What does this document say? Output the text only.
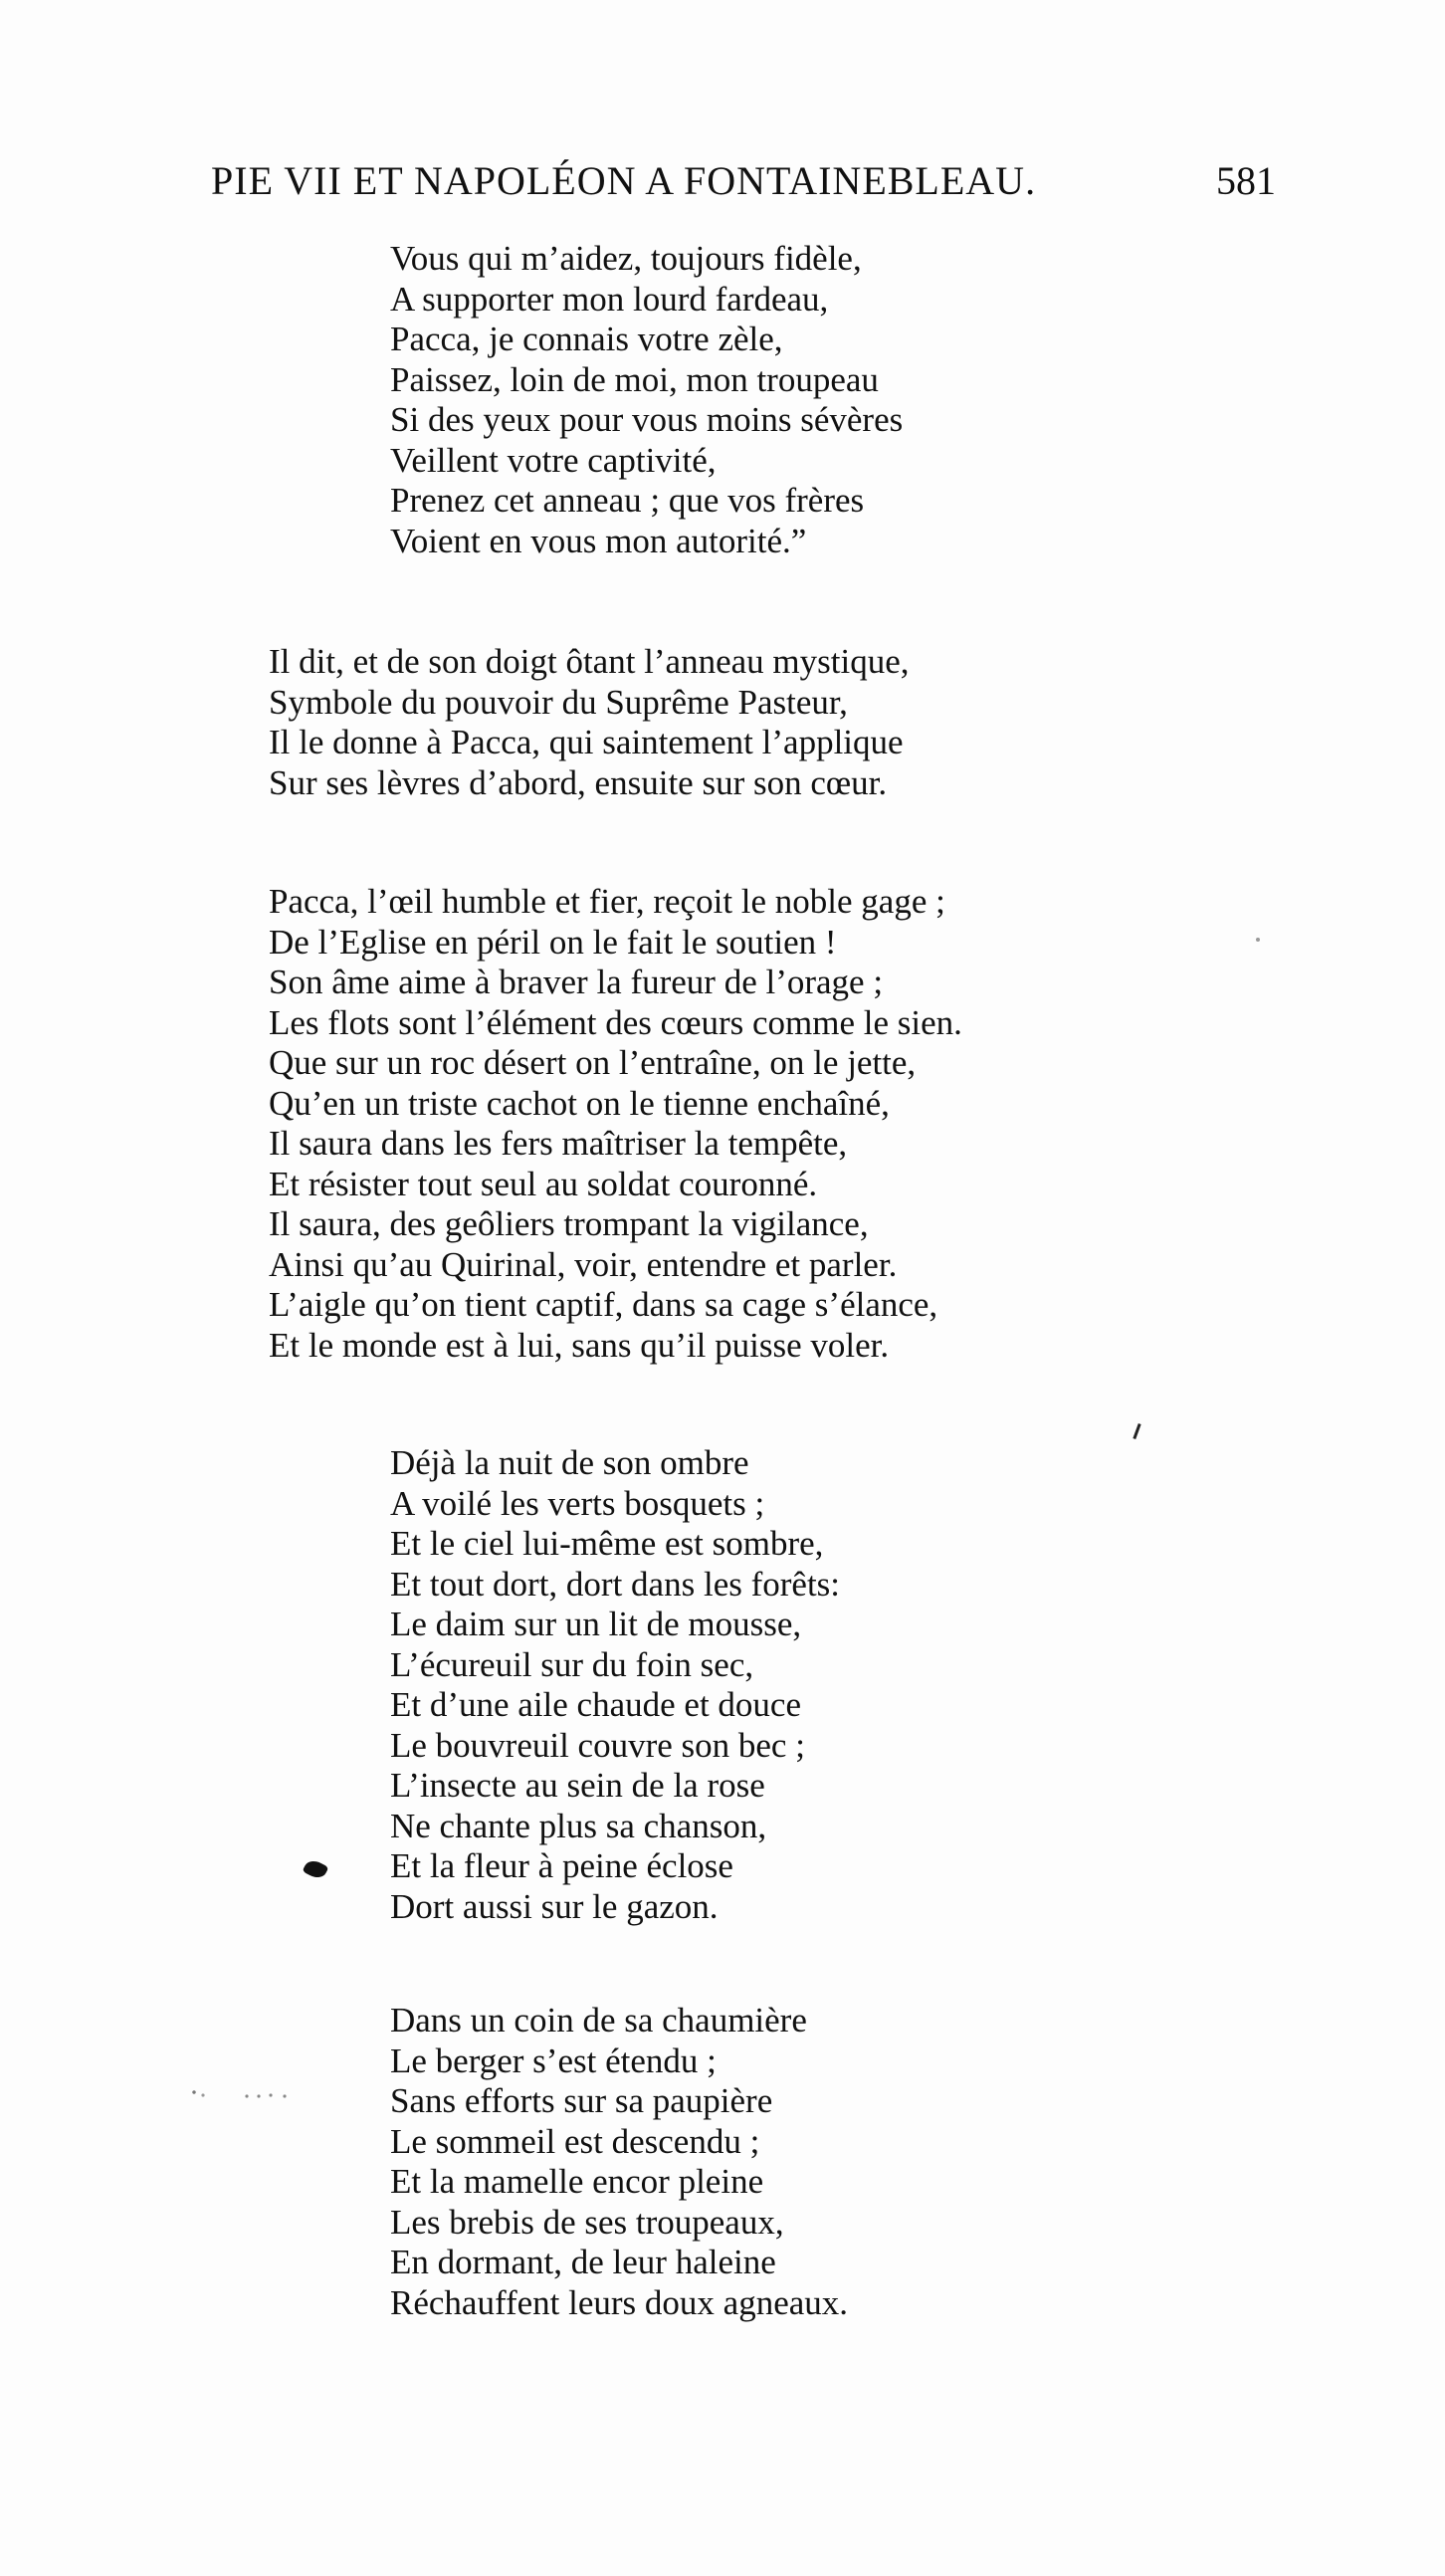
PIE VII ET NAPOLÉON A FONTAINEBLEAU.	581
Vous qui m’aidez, toujours fidèle,
A supporter mon lourd fardeau,
Pacca, je connais votre zèle,
Paissez, loin de moi, mon troupeau
Si des yeux pour vous moins sévères
Veillent votre captivité,
Prenez cet anneau ; que vos frères
Voient en vous mon autorité.”
Il dit, et de son doigt ôtant l’anneau mystique,
Symbole du pouvoir du Suprême Pasteur,
Il le donne à Pacca, qui saintement l’applique
Sur ses lèvres d’abord, ensuite sur son cœur.
Pacca, l’œil humble et fier, reçoit le noble gage ;
De l’Eglise en péril on le fait le soutien !
Son âme aime à braver la fureur de l’orage ;
Les flots sont l’élément des cœurs comme le sien.
Que sur un roc désert on l’entraîne, on le jette,
Qu’en un triste cachot on le tienne enchaîné,
Il saura dans les fers maîtriser la tempête,
Et résister tout seul au soldat couronné.
Il saura, des geôliers trompant la vigilance,
Ainsi qu’au Quirinal, voir, entendre et parler.
L’aigle qu’on tient captif, dans sa cage s’élance,
Et le monde est à lui, sans qu’il puisse voler.
Déjà la nuit de son ombre
A voilé les verts bosquets ;
Et le ciel lui-même est sombre,
Et tout dort, dort dans les forêts:
Le daim sur un lit de mousse,
L’écureuil sur du foin sec,
Et d’une aile chaude et douce
Le bouvreuil couvre son bec ;
L’insecte au sein de la rose
Ne chante plus sa chanson,
Et la fleur à peine éclose
Dort aussi sur le gazon.
Dans un coin de sa chaumière
Le berger s’est étendu ;
Sans efforts sur sa paupière
Le sommeil est descendu ;
Et la mamelle encor pleine
Les brebis de ses troupeaux,
En dormant, de leur haleine
Réchauffent leurs doux agneaux.
